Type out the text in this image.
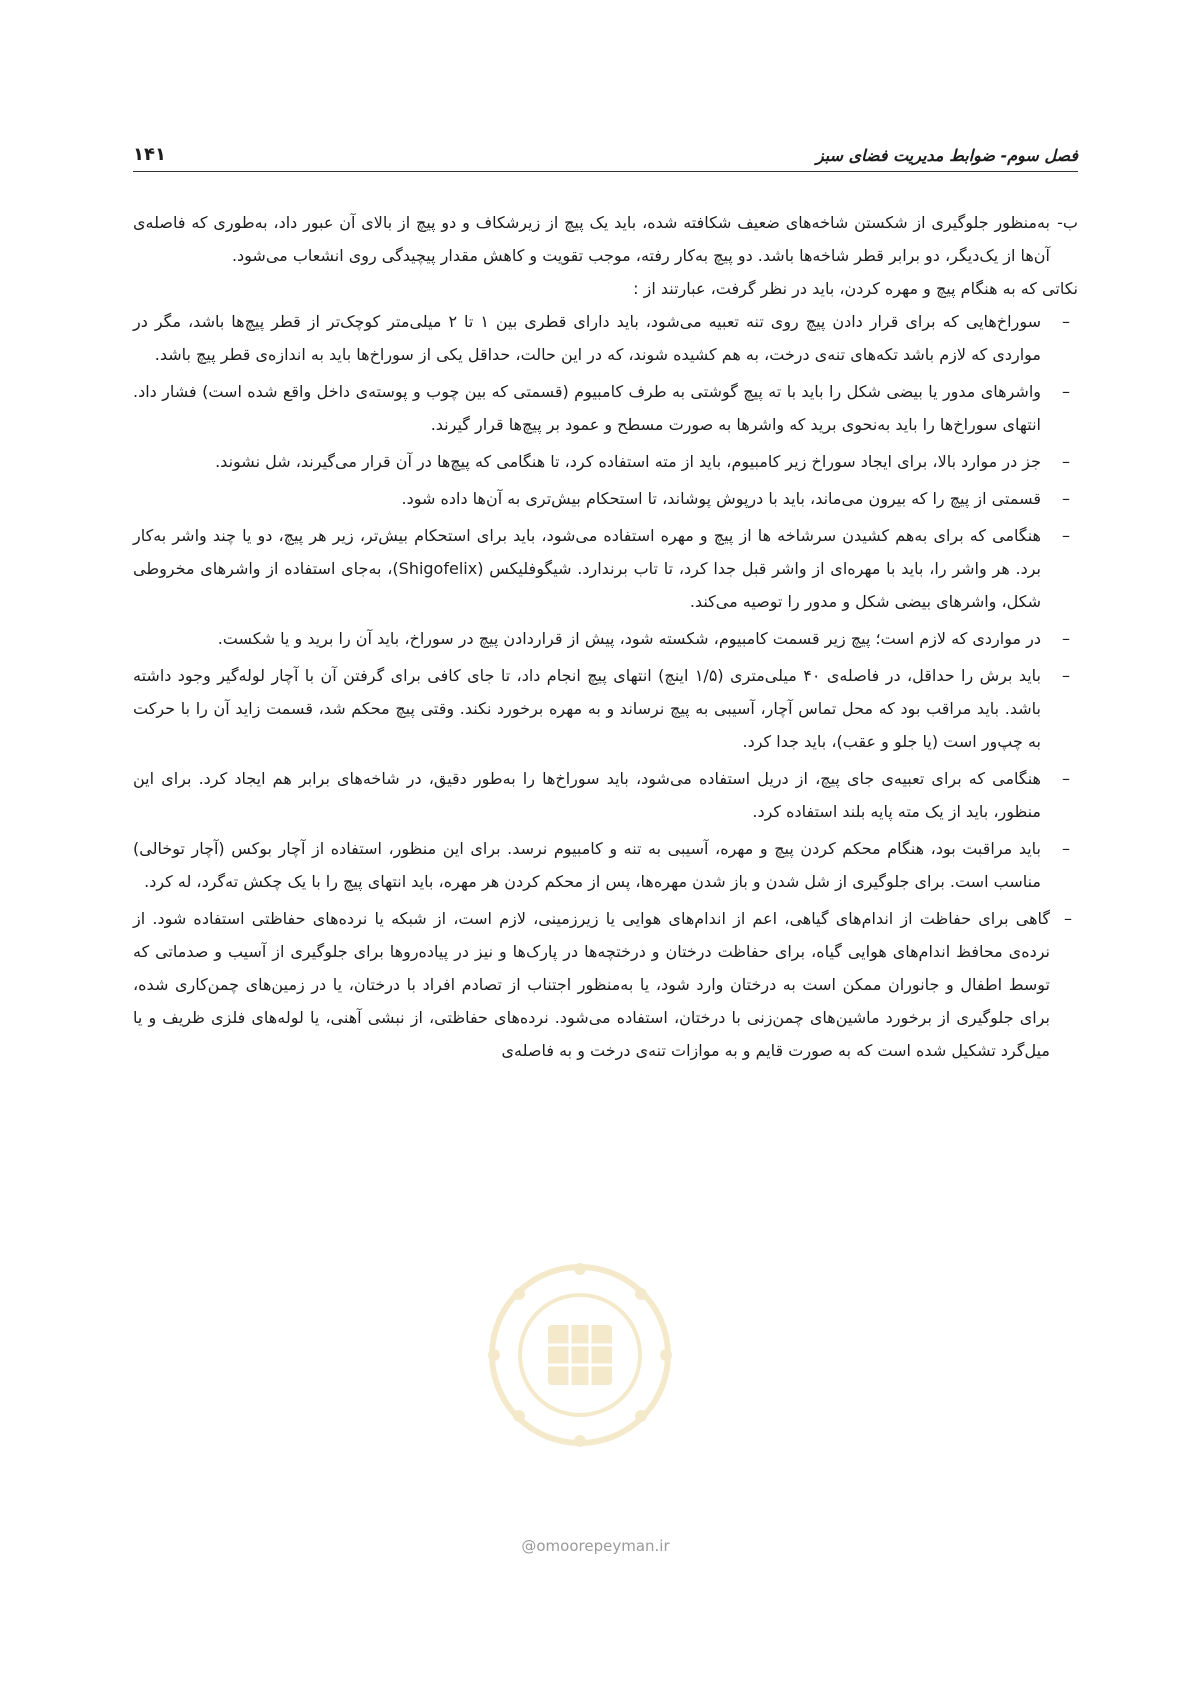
فصل سوم- ضوابط مدیریت فضای سبز
۱۴۱
ب-

به‌منظور جلوگیری از شکستن شاخه‌های ضعیف شکافته شده، باید یک پیچ از زیرشکاف و دو پیچ از بالای آن عبور داد، به‌طوری که فاصله‌ی آن‌ها از یک‌دیگر، دو برابر قطر شاخه‌ها باشد. دو پیچ به‌کار رفته، موجب تقویت و کاهش مقدار پیچیدگی روی انشعاب می‌شود.

نکاتی که به هنگام پیچ و مهره کردن، باید در نظر گرفت، عبارتند از :

–
سوراخ‌هایی که برای قرار دادن پیچ روی تنه تعبیه می‌شود، باید دارای قطری بین ۱ تا ۲ میلی‌متر کوچک‌تر از قطر پیچ‌ها باشد، مگر در مواردی که لازم باشد تکه‌های تنه‌ی درخت، به هم کشیده شوند، که در این حالت، حداقل یکی از سوراخ‌ها باید به اندازه‌ی قطر پیچ باشد.
–
واشرهای مدور یا بیضی شکل را باید با ته پیچ گوشتی به طرف کامبیوم (قسمتی که بین چوب و پوسته‌ی داخل واقع شده است) فشار داد. انتهای سوراخ‌ها را باید به‌نحوی برید که واشرها به صورت مسطح و عمود بر پیچ‌ها قرار گیرند.
–
جز در موارد بالا، برای ایجاد سوراخ زیر کامبیوم، باید از مته استفاده کرد، تا هنگامی که پیچ‌ها در آن قرار می‌گیرند، شل نشوند.
–
قسمتی از پیچ را که بیرون می‌ماند، باید با درپوش پوشاند، تا استحکام بیش‌تری به آن‌ها داده شود.
–
هنگامی که برای به‌هم کشیدن سرشاخه ها از پیچ و مهره استفاده می‌شود، باید برای استحکام بیش‌تر، زیر هر پیچ، دو یا چند واشر به‌کار برد. هر واشر را، باید با مهره‌ای از واشر قبل جدا کرد، تا تاب برندارد. شیگوفلیکس (Shigofelix)، به‌جای استفاده از واشرهای مخروطی شکل، واشرهای بیضی شکل و مدور را توصیه می‌کند.
–
در مواردی که لازم است؛ پیچ زیر قسمت کامبیوم، شکسته شود، پیش از قراردادن پیچ در سوراخ، باید آن را برید و یا شکست.
–
باید برش را حداقل، در فاصله‌ی ۴۰ میلی‌متری (۱/۵ اینچ) انتهای پیچ انجام داد، تا جای کافی برای گرفتن آن با آچار لوله‌گیر وجود داشته باشد. باید مراقب بود که محل تماس آچار، آسیبی به پیچ نرساند و به مهره برخورد نکند. وقتی پیچ محکم شد، قسمت زاید آن را با حرکت به چپ‌ور است (یا جلو و عقب)، باید جدا کرد.
–
هنگامی که برای تعبیه‌ی جای پیچ، از دریل استفاده می‌شود، باید سوراخ‌ها را به‌طور دقیق، در شاخه‌های برابر هم ایجاد کرد. برای این منظور، باید از یک مته پایه بلند استفاده کرد.
–
باید مراقبت بود، هنگام محکم کردن پیچ و مهره، آسیبی به تنه و کامبیوم نرسد. برای این منظور، استفاده از آچار بوکس (آچار توخالی) مناسب است. برای جلوگیری از شل شدن و باز شدن مهره‌ها، پس از محکم کردن هر مهره، باید انتهای پیچ را با یک چکش ته‌گرد، له کرد.
–

گاهی برای حفاظت از اندام‌های گیاهی، اعم از اندام‌های هوایی یا زیرزمینی، لازم است، از شبکه یا نرده‌های حفاظتی استفاده شود. از نرده‌ی محافظ اندام‌های هوایی گیاه، برای حفاظت درختان و درختچه‌ها در پارک‌ها و نیز در پیاده‌روها برای جلوگیری از آسیب و صدماتی که توسط اطفال و جانوران ممکن است به درختان وارد شود، یا به‌منظور اجتناب از تصادم افراد با درختان، یا در زمین‌های چمن‌کاری شده، برای جلوگیری از برخورد ماشین‌های چمن‌زنی با درختان، استفاده می‌شود. نرده‌های حفاظتی، از نبشی آهنی، یا لوله‌های فلزی ظریف و یا میل‌گرد تشکیل شده است که به صورت قایم و به موازات تنه‌ی درخت و به فاصله‌ی

@omoorepeyman.ir
